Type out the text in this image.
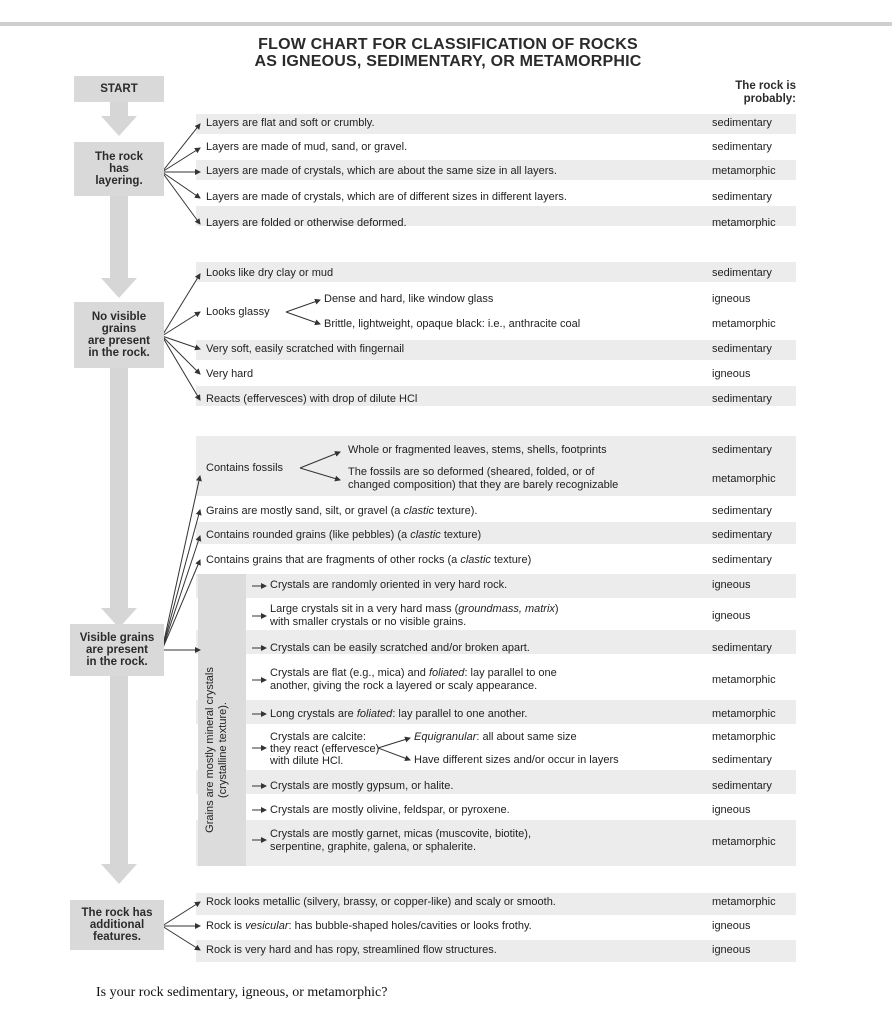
FLOW CHART FOR CLASSIFICATION OF ROCKS
AS IGNEOUS, SEDIMENTARY, OR METAMORPHIC
START
The rock
has
layering.
No visible
grains
are present
in the rock.
Visible grains
are present
in the rock.
The rock has
additional
features.
The rock is
probably:
Layers are flat and soft or crumbly.	sedimentary
Layers are made of mud, sand, or gravel.	sedimentary
Layers are made of crystals, which are about the same size in all layers.	metamorphic
Layers are made of crystals, which are of different sizes in different layers.	sedimentary
Layers are folded or otherwise deformed.	metamorphic
Looks like dry clay or mud	sedimentary
Looks glassy
Dense and hard, like window glass	igneous
Brittle, lightweight, opaque black: i.e., anthracite coal	metamorphic
Very soft, easily scratched with fingernail	sedimentary
Very hard	igneous
Reacts (effervesces) with drop of dilute HCl	sedimentary
Contains fossils
Whole or fragmented leaves, stems, shells, footprints	sedimentary
The fossils are so deformed (sheared, folded, or of
changed composition) that they are barely recognizable	metamorphic
Grains are mostly sand, silt, or gravel (a clastic texture).	sedimentary
Contains rounded grains (like pebbles) (a clastic texture)	sedimentary
Contains grains that are fragments of other rocks (a clastic texture)	sedimentary
Grains are mostly mineral crystals (crystalline texture).
Crystals are randomly oriented in very hard rock.	igneous
Large crystals sit in a very hard mass (groundmass, matrix)
with smaller crystals or no visible grains.	igneous
Crystals can be easily scratched and/or broken apart.	sedimentary
Crystals are flat (e.g., mica) and foliated: lay parallel to one
another, giving the rock a layered or scaly appearance.	metamorphic
Long crystals are foliated: lay parallel to one another.	metamorphic
Crystals are calcite:
they react (effervesce)
with dilute HCl.
Equigranular: all about same size	metamorphic
Have different sizes and/or occur in layers	sedimentary
Crystals are mostly gypsum, or halite.	sedimentary
Crystals are mostly olivine, feldspar, or pyroxene.	igneous
Crystals are mostly garnet, micas (muscovite, biotite),
serpentine, graphite, galena, or sphalerite.	metamorphic
Rock looks metallic (silvery, brassy, or copper-like) and scaly or smooth.	metamorphic
Rock is vesicular: has bubble-shaped holes/cavities or looks frothy.	igneous
Rock is very hard and has ropy, streamlined flow structures.	igneous
Is your rock sedimentary, igneous, or metamorphic?
